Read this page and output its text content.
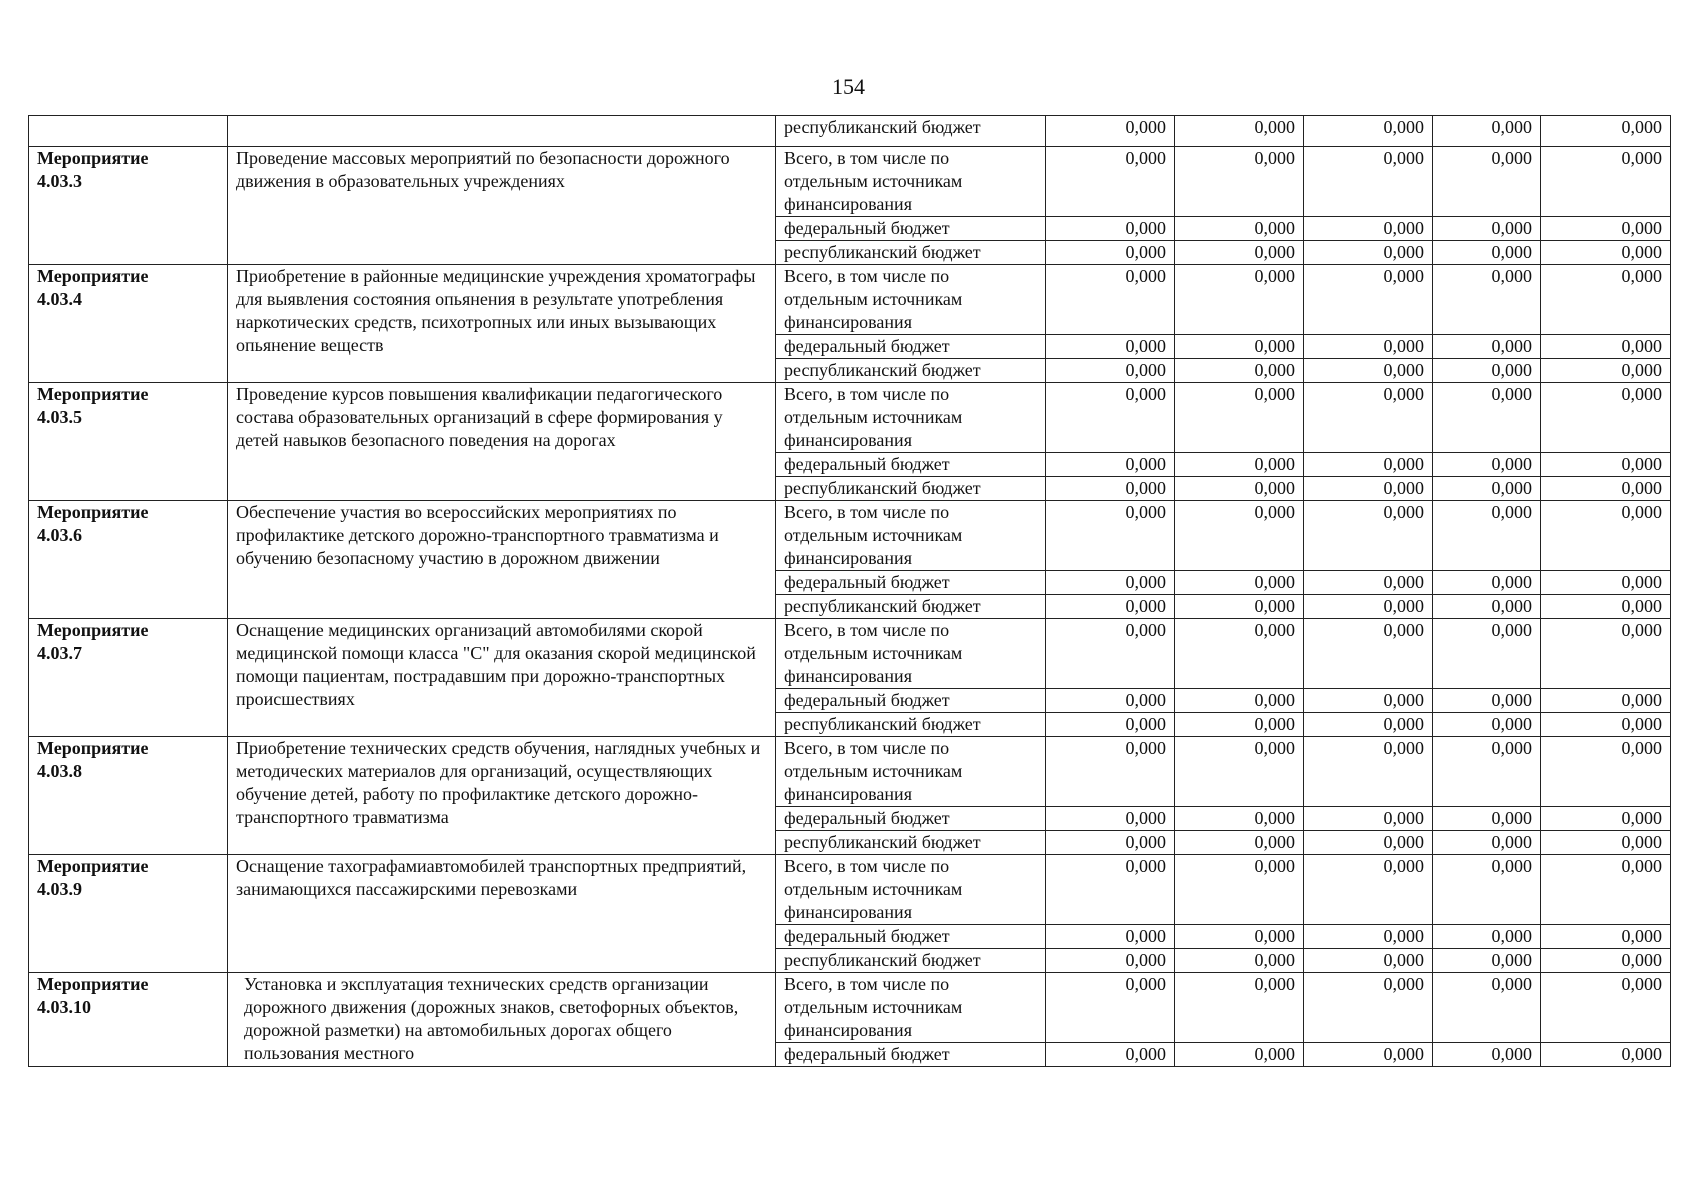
154
		республиканский бюджет	0,000	0,000	0,000	0,000	0,000

Мероприятие
4.03.3	Проведение массовых мероприятий по безопасности дорожного движения в образовательных учреждениях	Всего, в том числе по отдельным источникам финансирования	0,000	0,000	0,000	0,000	0,000
		федеральный бюджет	0,000	0,000	0,000	0,000	0,000
		республиканский бюджет	0,000	0,000	0,000	0,000	0,000

Мероприятие
4.03.4	Приобретение в районные медицинские учреждения хроматографы для выявления состояния опьянения в результате употребления наркотических средств, психотропных или иных вызывающих опьянение веществ	Всего, в том числе по отдельным источникам финансирования	0,000	0,000	0,000	0,000	0,000
		федеральный бюджет	0,000	0,000	0,000	0,000	0,000
		республиканский бюджет	0,000	0,000	0,000	0,000	0,000

Мероприятие
4.03.5	Проведение курсов повышения квалификации педагогического состава образовательных организаций в сфере формирования у детей навыков безопасного поведения на дорогах	Всего, в том числе по отдельным источникам финансирования	0,000	0,000	0,000	0,000	0,000
		федеральный бюджет	0,000	0,000	0,000	0,000	0,000
		республиканский бюджет	0,000	0,000	0,000	0,000	0,000

Мероприятие
4.03.6	Обеспечение участия во всероссийских мероприятиях по профилактике детского дорожно-транспортного травматизма и обучению безопасному участию в дорожном движении	Всего, в том числе по отдельным источникам финансирования	0,000	0,000	0,000	0,000	0,000
		федеральный бюджет	0,000	0,000	0,000	0,000	0,000
		республиканский бюджет	0,000	0,000	0,000	0,000	0,000

Мероприятие
4.03.7	Оснащение медицинских организаций автомобилями скорой медицинской помощи класса "С" для оказания скорой медицинской помощи пациентам, пострадавшим при дорожно-транспортных происшествиях	Всего, в том числе по отдельным источникам финансирования	0,000	0,000	0,000	0,000	0,000
		федеральный бюджет	0,000	0,000	0,000	0,000	0,000
		республиканский бюджет	0,000	0,000	0,000	0,000	0,000

Мероприятие
4.03.8	Приобретение технических средств обучения, наглядных учебных и методических материалов для организаций, осуществляющих обучение детей, работу по профилактике детского дорожно-транспортного травматизма	Всего, в том числе по отдельным источникам финансирования	0,000	0,000	0,000	0,000	0,000
		федеральный бюджет	0,000	0,000	0,000	0,000	0,000
		республиканский бюджет	0,000	0,000	0,000	0,000	0,000

Мероприятие
4.03.9	Оснащение тахографамиавтомобилей транспортных предприятий, занимающихся пассажирскими перевозками	Всего, в том числе по отдельным источникам финансирования	0,000	0,000	0,000	0,000	0,000
		федеральный бюджет	0,000	0,000	0,000	0,000	0,000
		республиканский бюджет	0,000	0,000	0,000	0,000	0,000

Мероприятие
4.03.10	Установка и эксплуатация технических средств организации дорожного движения (дорожных знаков, светофорных объектов, дорожной разметки) на автомобильных дорогах общего пользования местного	Всего, в том числе по отдельным источникам финансирования	0,000	0,000	0,000	0,000	0,000
		федеральный бюджет	0,000	0,000	0,000	0,000	0,000
